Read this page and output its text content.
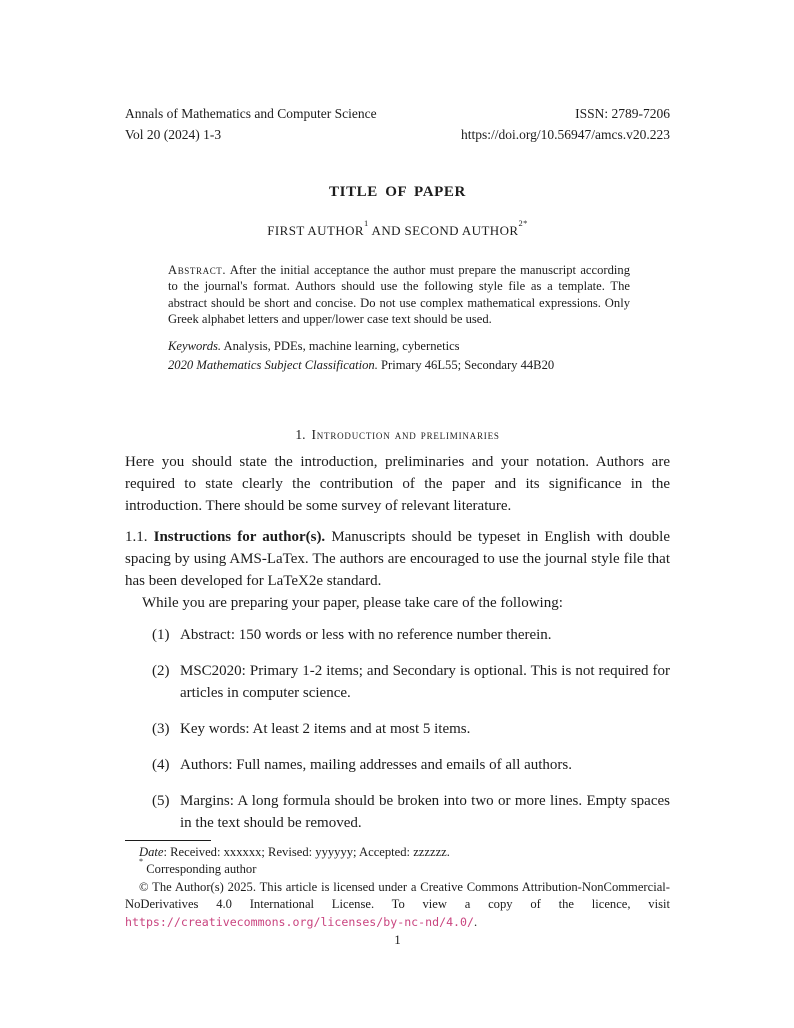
Annals of Mathematics and Computer Science
Vol 20 (2024) 1-3
ISSN: 2789-7206
https://doi.org/10.56947/amcs.v20.223
TITLE OF PAPER
FIRST AUTHOR$^1$ AND SECOND $AUTHOR^{2*}$
Abstract. After the initial acceptance the author must prepare the manuscript according to the journal's format. Authors should use the following style file as a template. The abstract should be short and concise. Do not use complex mathematical expressions. Only Greek alphabet letters and upper/lower case text should be used.
Keywords. Analysis, PDEs, machine learning, cybernetics
2020 Mathematics Subject Classification. Primary 46L55; Secondary 44B20
1. Introduction and preliminaries

Here you should state the introduction, preliminaries and your notation. Authors are required to state clearly the contribution of the paper and its significance in the introduction. There should be some survey of relevant literature.

1.1. Instructions for author(s). Manuscripts should be typeset in English with double spacing by using AMS-LaTex. The authors are encouraged to use the journal style file that has been developed for LaTeX2e standard.

While you are preparing your paper, please take care of the following:

(1) Abstract: 150 words or less with no reference number therein.
(2) MSC2020: Primary 1-2 items; and Secondary is optional. This is not required for articles in computer science.
(3) Key words: At least 2 items and at most 5 items.
(4) Authors: Full names, mailing addresses and emails of all authors.
(5) Margins: A long formula should be broken into two or more lines. Empty spaces in the text should be removed.
Date: Received: xxxxxx; Revised: yyyyyy; Accepted: zzzzzz.
* Corresponding author
© The Author(s) 2025. This article is licensed under a Creative Commons Attribution-NonCommercial-NoDerivatives 4.0 International License. To view a copy of the licence, visit https://creativecommons.org/licenses/by-nc-nd/4.0/.
1
